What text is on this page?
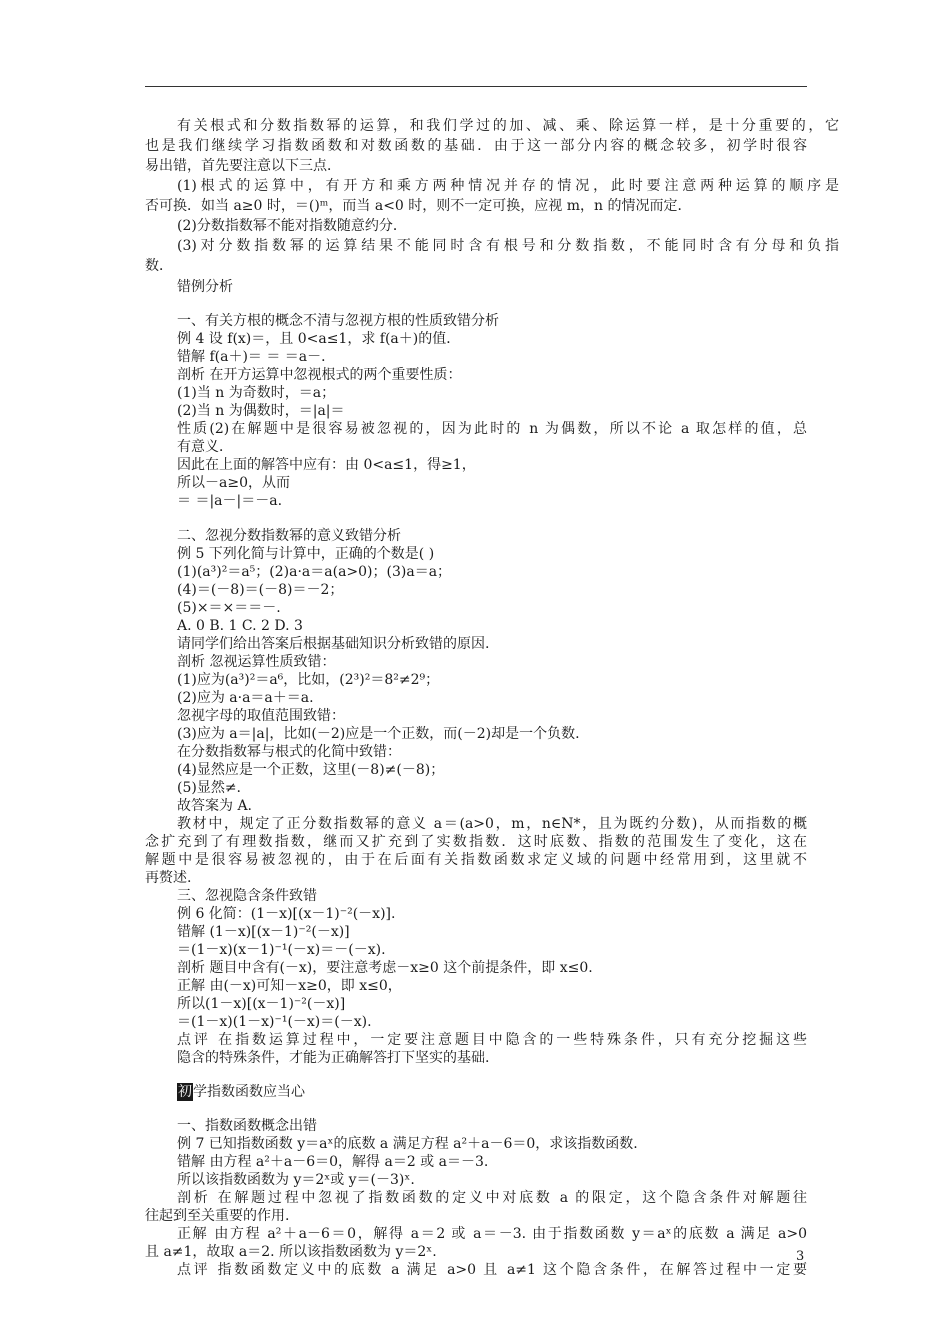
有关根式和分数指数幂的运算，和我们学过的加、减、乘、除运算一样，是十分重要的，它
也是我们继续学习指数函数和对数函数的基础．由于这一部分内容的概念较多，初学时很容
易出错，首先要注意以下三点．
(1)根式的运算中，有开方和乘方两种情况并存的情况，此时要注意两种运算的顺序是
否可换．如当 a≥0 时，＝()ᵐ，而当 a<0 时，则不一定可换，应视 m，n 的情况而定．
(2)分数指数幂不能对指数随意约分．
(3)对分数指数幂的运算结果不能同时含有根号和分数指数，不能同时含有分母和负指
数．
错例分析
一、有关方根的概念不清与忽视方根的性质致错分析
例 4 设 f(x)＝，且 0<a≤1，求 f(a＋)的值．
错解 f(a＋)＝ ＝ ＝a－．
剖析 在开方运算中忽视根式的两个重要性质：
(1)当 n 为奇数时，＝a；
(2)当 n 为偶数时，＝|a|＝
性质(2)在解题中是很容易被忽视的，因为此时的 n 为偶数，所以不论 a 取怎样的值，总
有意义．
因此在上面的解答中应有：由 0<a≤1，得≥1，
所以－a≥0，从而
＝ ＝|a－|＝－a.
二、忽视分数指数幂的意义致错分析
例 5 下列化简与计算中，正确的个数是( )
(1)(a³)²＝a⁵；(2)a·a＝a(a>0)；(3)a＝a；
(4)＝(－8)＝(－8)＝－2；
(5)×＝×＝＝－.
A. 0 B. 1 C. 2 D. 3
请同学们给出答案后根据基础知识分析致错的原因.
剖析 忽视运算性质致错：
(1)应为(a³)²＝a⁶，比如，(2³)²＝8²≠2⁹；
(2)应为 a·a＝a＋＝a.
忽视字母的取值范围致错：
(3)应为 a＝|a|，比如(－2)应是一个正数，而(－2)却是一个负数.
在分数指数幂与根式的化简中致错：
(4)显然应是一个正数，这里(－8)≠(－8)；
(5)显然≠.
故答案为 A.
教材中，规定了正分数指数幂的意义 a＝(a>0，m，n∈N*，且为既约分数)，从而指数的概
念扩充到了有理数指数，继而又扩充到了实数指数．这时底数、指数的范围发生了变化，这在
解题中是很容易被忽视的，由于在后面有关指数函数求定义域的问题中经常用到，这里就不
再赘述.
三、忽视隐含条件致错
例 6 化简：(1－x)[(x－1)⁻²(－x)].
错解 (1－x)[(x－1)⁻²(－x)]
＝(1－x)(x－1)⁻¹(－x)＝－(－x).
剖析 题目中含有(－x)，要注意考虑－x≥0 这个前提条件，即 x≤0.
正解 由(－x)可知－x≥0，即 x≤0，
所以(1－x)[(x－1)⁻²(－x)]
＝(1－x)(1－x)⁻¹(－x)＝(－x).
点评 在指数运算过程中，一定要注意题目中隐含的一些特殊条件，只有充分挖掘这些
隐含的特殊条件，才能为正确解答打下坚实的基础.
初学指数函数应当心
一、指数函数概念出错
例 7 已知指数函数 y＝aˣ的底数 a 满足方程 a²＋a－6＝0，求该指数函数.
错解 由方程 a²＋a－6＝0，解得 a＝2 或 a＝－3.
所以该指数函数为 y＝2ˣ或 y＝(－3)ˣ.
剖析 在解题过程中忽视了指数函数的定义中对底数 a 的限定，这个隐含条件对解题往
往起到至关重要的作用.
正解 由方程 a²＋a－6＝0，解得 a＝2 或 a＝－3. 由于指数函数 y＝aˣ的底数 a 满足 a>0
且 a≠1，故取 a＝2. 所以该指数函数为 y＝2ˣ.
点评 指数函数定义中的底数 a 满足 a>0 且 a≠1 这个隐含条件，在解答过程中一定要
3
